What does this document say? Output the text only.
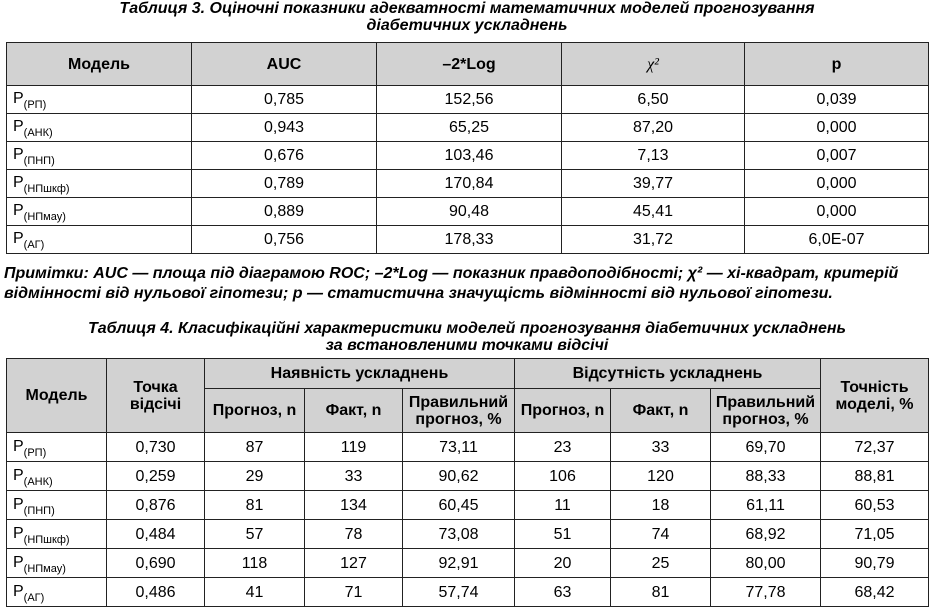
Таблиця 3. Оціночні показники адекватності математичних моделей прогнозування
діабетичних ускладнень
Модель	AUC	–2*Log	χ²	p
$P_{(РП)}$	0,785	152,56	6,50	0,039
$P_{(АНК)}$	0,943	65,25	87,20	0,000
$P_{(ПНП)}$	0,676	103,46	7,13	0,007
$P_{(НПшкф)}$	0,789	170,84	39,77	0,000
$P_{(НПмау)}$	0,889	90,48	45,41	0,000
$P_{(АГ)}$	0,756	178,33	31,72	6,0E-07
Примітки: AUC — площа під діаграмою ROC; –2*Log — показник правдоподібності; χ² — хі-квадрат, критерій відмінності від нульової гіпотези; р — статистична значущість відмінності від нульової гіпотези.
Таблиця 4. Класифікаційні характеристики моделей прогнозування діабетичних ускладнень
за встановленими точками відсічі
Модель	Точка відсічі	Наявність ускладнень			Відсутність ускладнень			Точність моделі, %
		Прогноз, n	Факт, n	Правильний прогноз, %	Прогноз, n	Факт, n	Правильний прогноз, %	
$P_{(РП)}$	0,730	87	119	73,11	23	33	69,70	72,37
$P_{(АНК)}$	0,259	29	33	90,62	106	120	88,33	88,81
$P_{(ПНП)}$	0,876	81	134	60,45	11	18	61,11	60,53
$P_{(НПшкф)}$	0,484	57	78	73,08	51	74	68,92	71,05
$P_{(НПмау)}$	0,690	118	127	92,91	20	25	80,00	90,79
$P_{(АГ)}$	0,486	41	71	57,74	63	81	77,78	68,42
